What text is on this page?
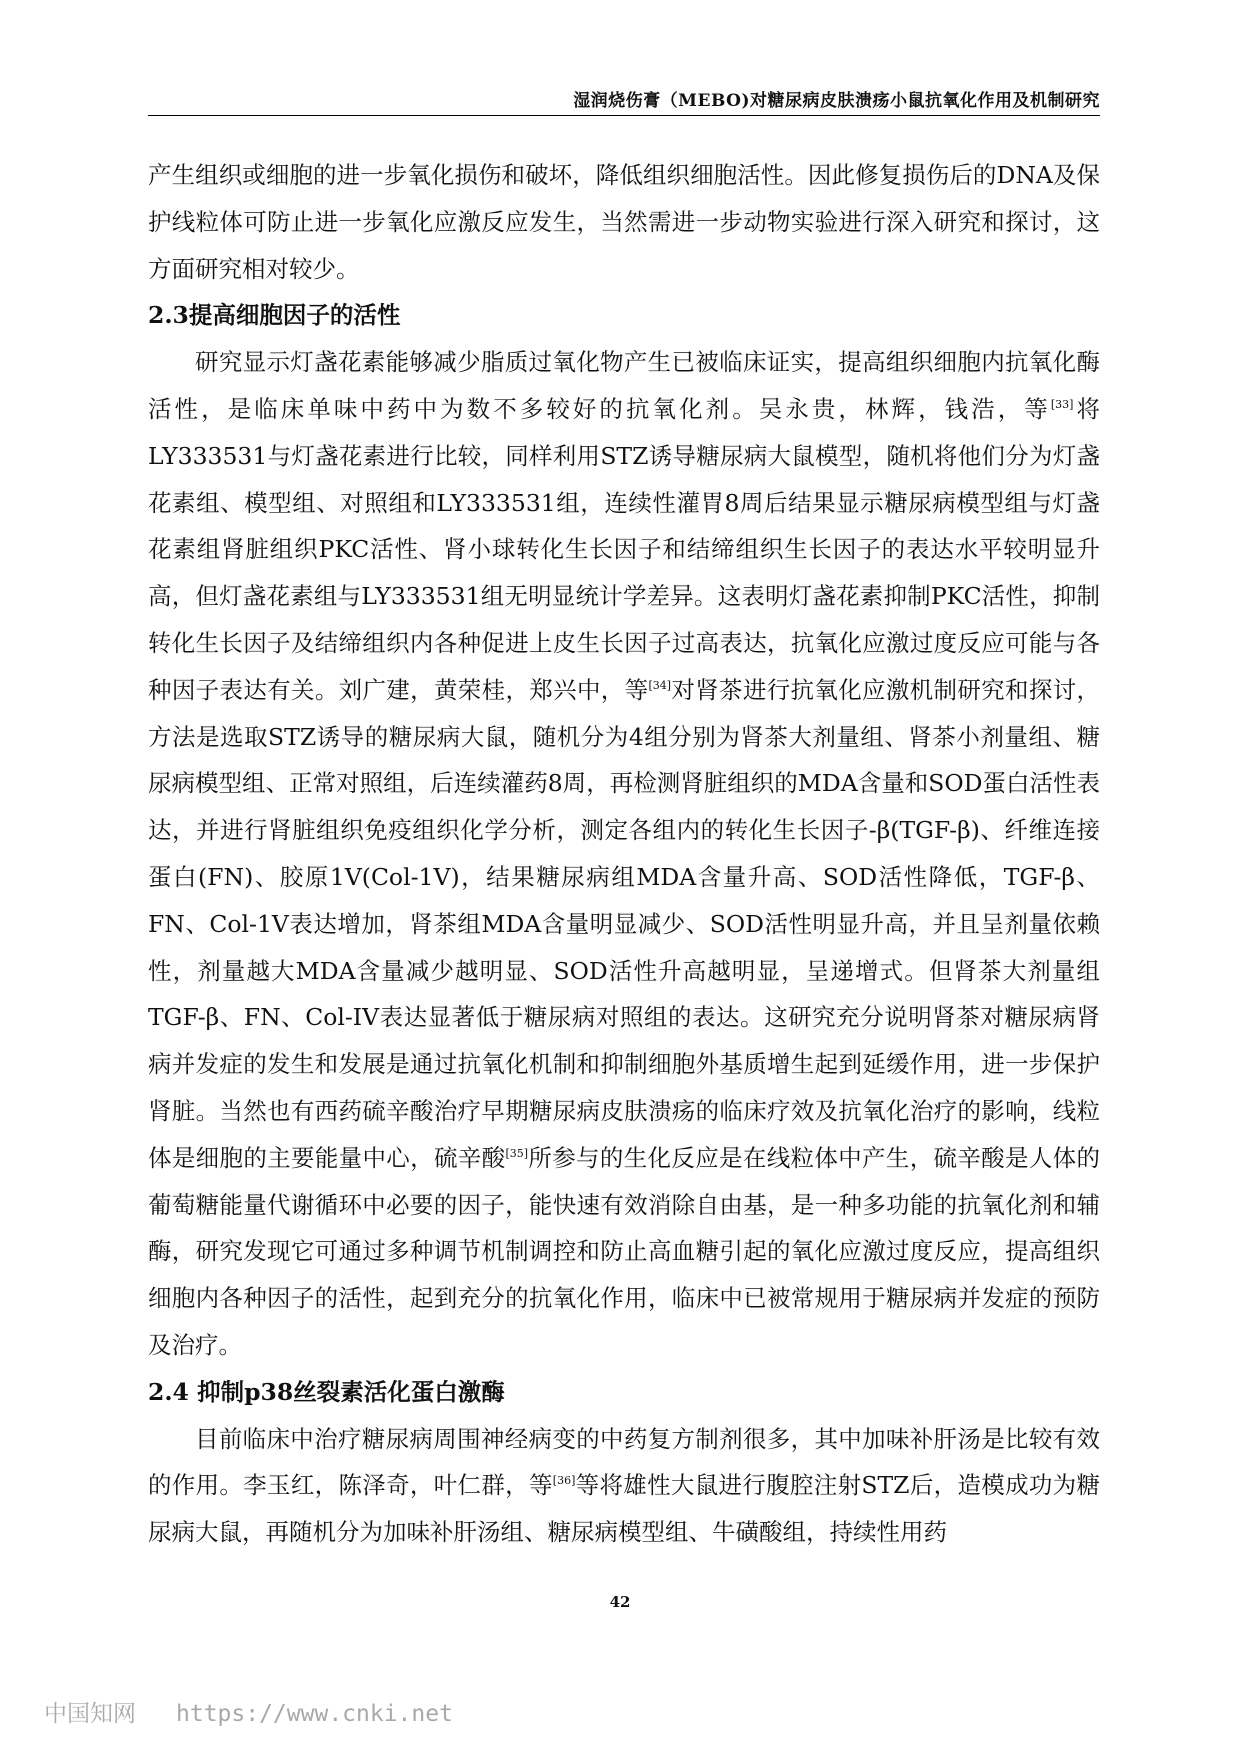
湿润烧伤膏（MEBO)对糖尿病皮肤溃疡小鼠抗氧化作用及机制研究

产生组织或细胞的进一步氧化损伤和破坏，降低组织细胞活性。因此修复损伤后的DNA及保护线粒体可防止进一步氧化应激反应发生，当然需进一步动物实验进行深入研究和探讨，这方面研究相对较少。

2.3提高细胞因子的活性

研究显示灯盏花素能够减少脂质过氧化物产生已被临床证实，提高组织细胞内抗氧化酶活性，是临床单味中药中为数不多较好的抗氧化剂。吴永贵，林辉，钱浩，等[33]将LY333531与灯盏花素进行比较，同样利用STZ诱导糖尿病大鼠模型，随机将他们分为灯盏花素组、模型组、对照组和LY333531组，连续性灌胃8周后结果显示糖尿病模型组与灯盏花素组肾脏组织PKC活性、肾小球转化生长因子和结缔组织生长因子的表达水平较明显升高，但灯盏花素组与LY333531组无明显统计学差异。这表明灯盏花素抑制PKC活性，抑制转化生长因子及结缔组织内各种促进上皮生长因子过高表达，抗氧化应激过度反应可能与各种因子表达有关。刘广建，黄荣桂，郑兴中，等[34]对肾茶进行抗氧化应激机制研究和探讨，方法是选取STZ诱导的糖尿病大鼠，随机分为4组分别为肾茶大剂量组、肾茶小剂量组、糖尿病模型组、正常对照组，后连续灌药8周，再检测肾脏组织的MDA含量和SOD蛋白活性表达，并进行肾脏组织免疫组织化学分析，测定各组内的转化生长因子-β(TGF-β)、纤维连接蛋白(FN)、胶原1V(Col-1V)，结果糖尿病组MDA含量升高、SOD活性降低，TGF-β、FN、Col-1V表达增加，肾茶组MDA含量明显减少、SOD活性明显升高，并且呈剂量依赖性，剂量越大MDA含量减少越明显、SOD活性升高越明显，呈递增式。但肾茶大剂量组TGF-β、FN、Col-IV表达显著低于糖尿病对照组的表达。这研究充分说明肾茶对糖尿病肾病并发症的发生和发展是通过抗氧化机制和抑制细胞外基质增生起到延缓作用，进一步保护肾脏。当然也有西药硫辛酸治疗早期糖尿病皮肤溃疡的临床疗效及抗氧化治疗的影响，线粒体是细胞的主要能量中心，硫辛酸[35]所参与的生化反应是在线粒体中产生，硫辛酸是人体的葡萄糖能量代谢循环中必要的因子，能快速有效消除自由基，是一种多功能的抗氧化剂和辅酶，研究发现它可通过多种调节机制调控和防止高血糖引起的氧化应激过度反应，提高组织细胞内各种因子的活性，起到充分的抗氧化作用，临床中已被常规用于糖尿病并发症的预防及治疗。

2.4 抑制p38丝裂素活化蛋白激酶

目前临床中治疗糖尿病周围神经病变的中药复方制剂很多，其中加味补肝汤是比较有效的作用。李玉红，陈泽奇，叶仁群，等[36]等将雄性大鼠进行腹腔注射STZ后，造模成功为糖尿病大鼠，再随机分为加味补肝汤组、糖尿病模型组、牛磺酸组，持续性用药

42
中国知网 https://www.cnki.net
